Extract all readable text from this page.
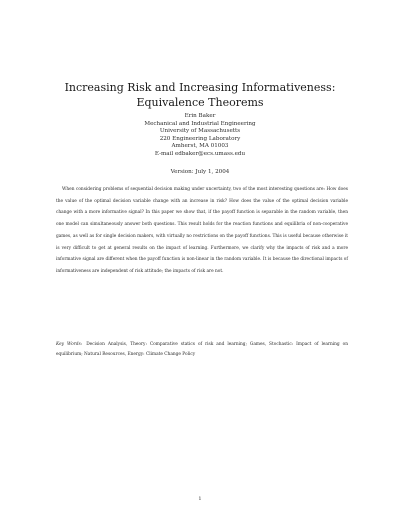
Increasing Risk and Increasing Informativeness: Equivalence Theorems
Erin Baker
Mechanical and Industrial Engineering
University of Massachusetts
220 Engineering Laboratory
Amherst, MA 01003
E-mail edbaker@ecs.umass.edu
Version: July 1, 2004

When considering problems of sequential decision making under uncertainty, two of the most interesting questions are: How does the value of the optimal decision variable change with an increase in risk? How does the value of the optimal decision variable change with a more informative signal? In this paper we show that, if the payoff function is separable in the random variable, then one model can simultaneously answer both questions. This result holds for the reaction functions and equilibria of non-cooperative games, as well as for single decision makers, with virtually no restrictions on the payoff functions. This is useful because otherwise it is very difficult to get at general results on the impact of learning. Furthermore, we clarify why the impacts of risk and a more informative signal are different when the payoff function is non-linear in the random variable. It is because the directional impacts of informativeness are independent of risk attitude; the impacts of risk are not.

Key Words: Decision Analysis, Theory: Comparative statics of risk and learning; Games, Stochastic: Impact of learning on equilibrium; Natural Resources, Energy: Climate Change Policy

1
